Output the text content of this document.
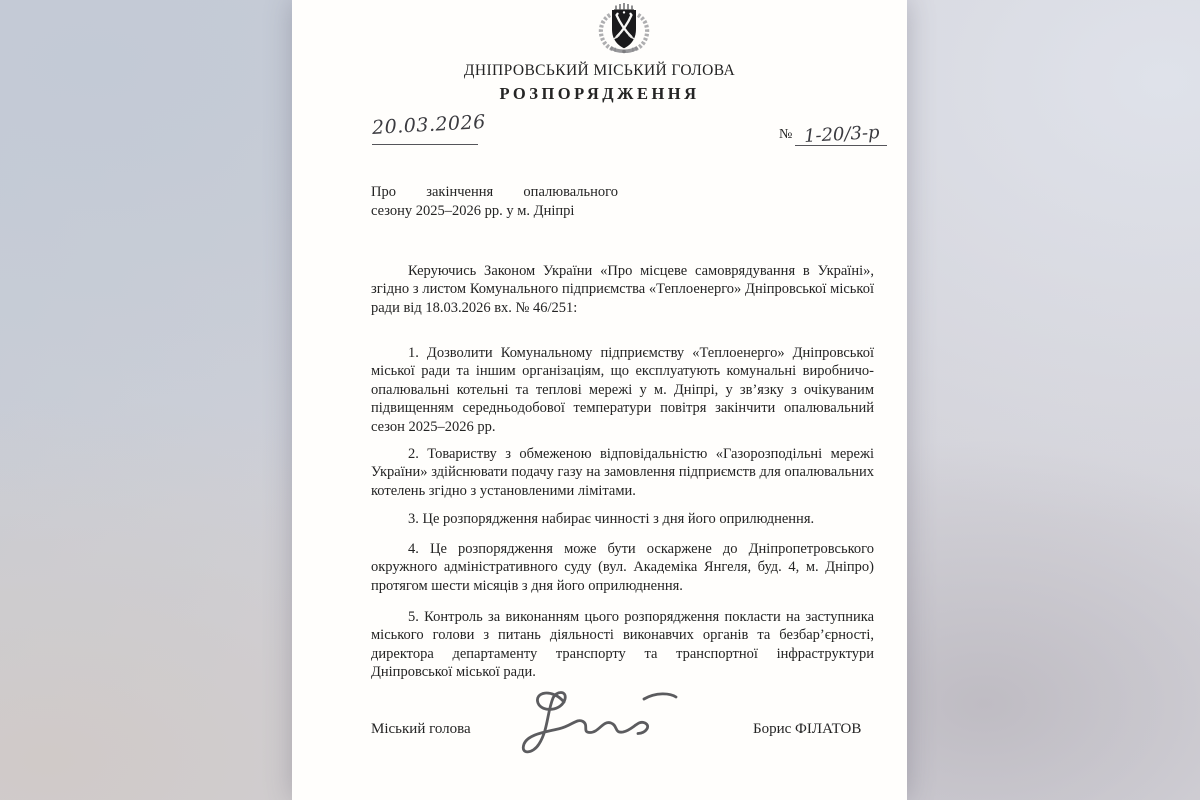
ДНІПРОВСЬКИЙ МІСЬКИЙ ГОЛОВА
РОЗПОРЯДЖЕННЯ
20.03.2026	№ 1-20/3-р
Про закінчення опалювального
сезону 2025–2026 рр. у м. Дніпрі
Керуючись Законом України «Про місцеве самоврядування в Україні», згідно з листом Комунального підприємства «Теплоенерго» Дніпровської міської ради від 18.03.2026 вх. № 46/251:
1. Дозволити Комунальному підприємству «Теплоенерго» Дніпровської міської ради та іншим організаціям, що експлуатують комунальні виробничо-опалювальні котельні та теплові мережі у м. Дніпрі, у зв’язку з очікуваним підвищенням середньодобової температури повітря закінчити опалювальний сезон 2025–2026 рр.
2. Товариству з обмеженою відповідальністю «Газорозподільні мережі України» здійснювати подачу газу на замовлення підприємств для опалювальних котелень згідно з установленими лімітами.
3. Це розпорядження набирає чинності з дня його оприлюднення.
4. Це розпорядження може бути оскаржене до Дніпропетровського окружного адміністративного суду (вул. Академіка Янгеля, буд. 4, м. Дніпро) протягом шести місяців з дня його оприлюднення.
5. Контроль за виконанням цього розпорядження покласти на заступника міського голови з питань діяльності виконавчих органів та безбар’єрності, директора департаменту транспорту та транспортної інфраструктури Дніпровської міської ради.
Міський голова	Борис ФІЛАТОВ
